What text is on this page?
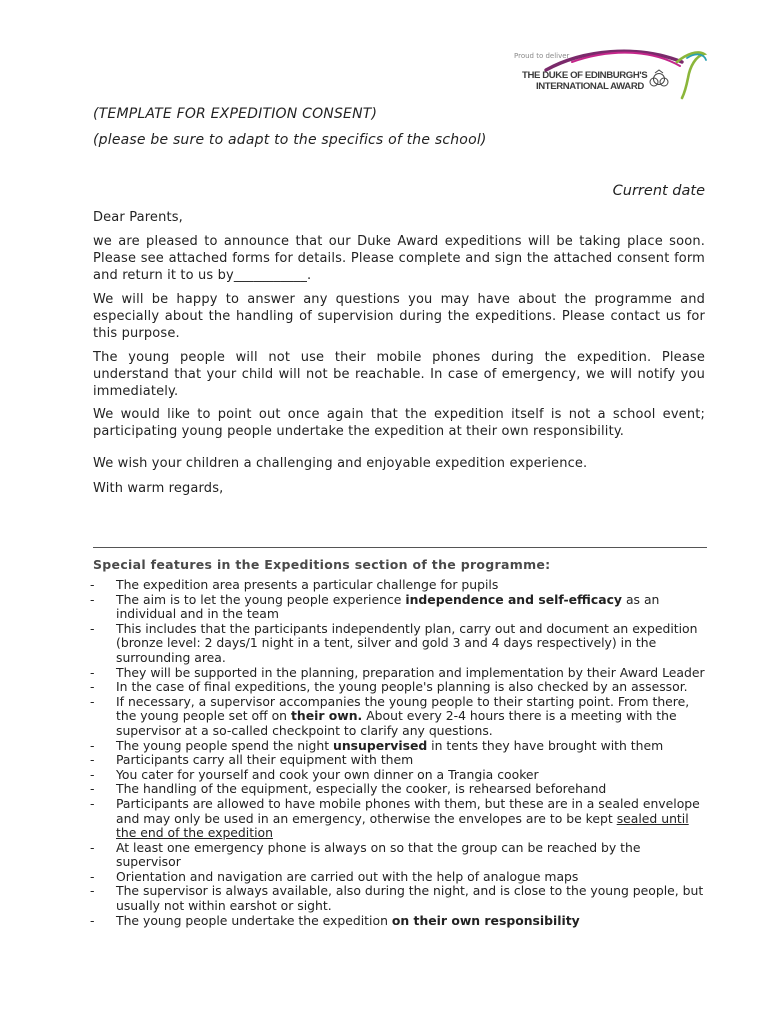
Proud to deliver
THE DUKE OF EDINBURGH'S
INTERNATIONAL AWARD
(TEMPLATE FOR EXPEDITION CONSENT)
(please be sure to adapt to the specifics of the school)
Current date
Dear Parents,
we are pleased to announce that our Duke Award expeditions will be taking place soon. Please see attached forms for details. Please complete and sign the attached consent form and return it to us by___________.
We will be happy to answer any questions you may have about the programme and especially about the handling of supervision during the expeditions. Please contact us for this purpose.
The young people will not use their mobile phones during the expedition. Please understand that your child will not be reachable. In case of emergency, we will notify you immediately.
We would like to point out once again that the expedition itself is not a school event; participating young people undertake the expedition at their own responsibility.
We wish your children a challenging and enjoyable expedition experience.
With warm regards,
Special features in the Expeditions section of the programme:
- The expedition area presents a particular challenge for pupils
- The aim is to let the young people experience independence and self-efficacy as an individual and in the team
- This includes that the participants independently plan, carry out and document an expedition (bronze level: 2 days/1 night in a tent, silver and gold 3 and 4 days respectively) in the surrounding area.
- They will be supported in the planning, preparation and implementation by their Award Leader
- In the case of final expeditions, the young people's planning is also checked by an assessor.
- If necessary, a supervisor accompanies the young people to their starting point. From there, the young people set off on their own. About every 2-4 hours there is a meeting with the supervisor at a so-called checkpoint to clarify any questions.
- The young people spend the night unsupervised in tents they have brought with them
- Participants carry all their equipment with them
- You cater for yourself and cook your own dinner on a Trangia cooker
- The handling of the equipment, especially the cooker, is rehearsed beforehand
- Participants are allowed to have mobile phones with them, but these are in a sealed envelope and may only be used in an emergency, otherwise the envelopes are to be kept sealed until the end of the expedition
- At least one emergency phone is always on so that the group can be reached by the supervisor
- Orientation and navigation are carried out with the help of analogue maps
- The supervisor is always available, also during the night, and is close to the young people, but usually not within earshot or sight.
- The young people undertake the expedition on their own responsibility
